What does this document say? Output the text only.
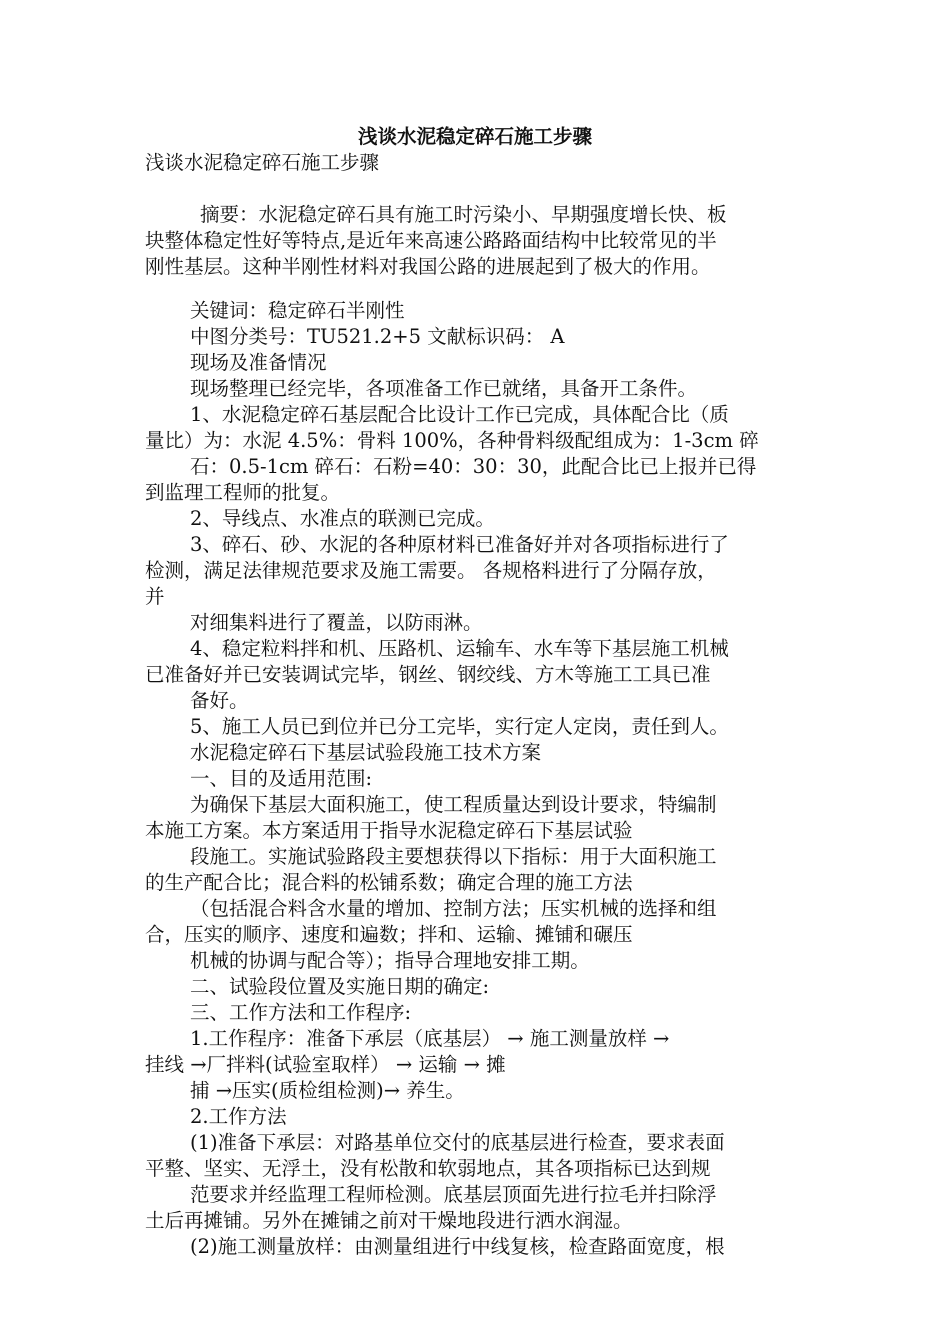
浅谈水泥稳定碎石施工步骤
浅谈水泥稳定碎石施工步骤
摘要：水泥稳定碎石具有施工时污染小、早期强度增长快、板
块整体稳定性好等特点,是近年来高速公路路面结构中比较常见的半
刚性基层。这种半刚性材料对我国公路的进展起到了极大的作用。
关键词：稳定碎石半刚性
中图分类号：TU521.2+5 文献标识码： A
现场及准备情况
现场整理已经完毕，各项准备工作已就绪，具备开工条件。
1、水泥稳定碎石基层配合比设计工作已完成，具体配合比（质
量比）为：水泥 4.5%：骨料 100%，各种骨料级配组成为：1-3cm 碎
石：0.5-1cm 碎石：石粉=40：30：30，此配合比已上报并已得
到监理工程师的批复。
2、导线点、水准点的联测已完成。
3、碎石、砂、水泥的各种原材料已准备好并对各项指标进行了
检测，满足法律规范要求及施工需要。 各规格料进行了分隔存放，
并
对细集料进行了覆盖，以防雨淋。
4、稳定粒料拌和机、压路机、运输车、水车等下基层施工机械
已准备好并已安装调试完毕，钢丝、钢绞线、方木等施工工具已准
备好。
5、施工人员已到位并已分工完毕，实行定人定岗，责任到人。
水泥稳定碎石下基层试验段施工技术方案
一、目的及适用范围:
为确保下基层大面积施工，使工程质量达到设计要求，特编制
本施工方案。本方案适用于指导水泥稳定碎石下基层试验
段施工。实施试验路段主要想获得以下指标：用于大面积施工
的生产配合比；混合料的松铺系数；确定合理的施工方法
（包括混合料含水量的增加、控制方法；压实机械的选择和组
合，压实的顺序、速度和遍数；拌和、运输、摊铺和碾压
机械的协调与配合等）；指导合理地安排工期。
二、试验段位置及实施日期的确定:
三、工作方法和工作程序:
1.工作程序：准备下承层（底基层） → 施工测量放样 →
挂线 →厂拌料(试验室取样） → 运输 → 摊
捕 →压实(质检组检测)→ 养生。
2.工作方法
(1)准备下承层：对路基单位交付的底基层进行检查，要求表面
平整、坚实、无浮土，没有松散和软弱地点，其各项指标已达到规
范要求并经监理工程师检测。底基层顶面先进行拉毛并扫除浮
土后再摊铺。另外在摊铺之前对干燥地段进行洒水润湿。
(2)施工测量放样：由测量组进行中线复核，检查路面宽度，根
